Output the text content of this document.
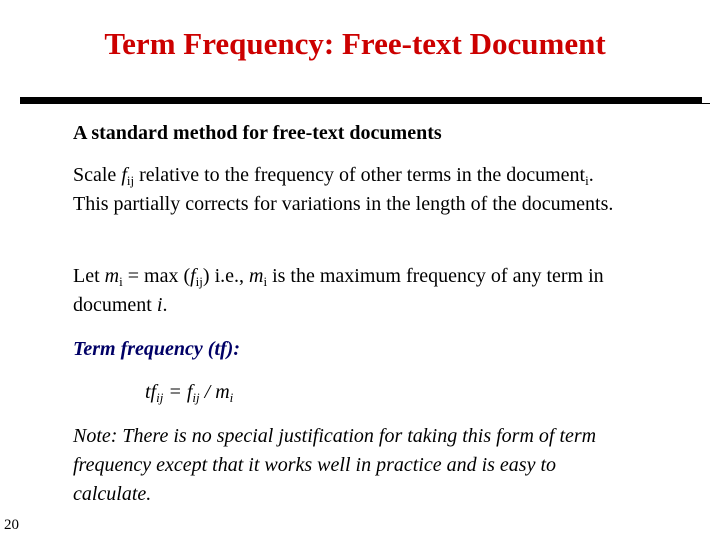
Term Frequency: Free-text Document
A standard method for free-text documents
Scale $f_{ij}$ relative to the frequency of other terms in the document$_i$. This partially corrects for variations in the length of the documents.
Let $m_i = \max (f_{ij})$ i.e., $m_i$ is the maximum frequency of any term in document i.
Term frequency (tf):
$tf_{ij} = f_{ij} / m_i$
Note: There is no special justification for taking this form of term frequency except that it works well in practice and is easy to calculate.
20
